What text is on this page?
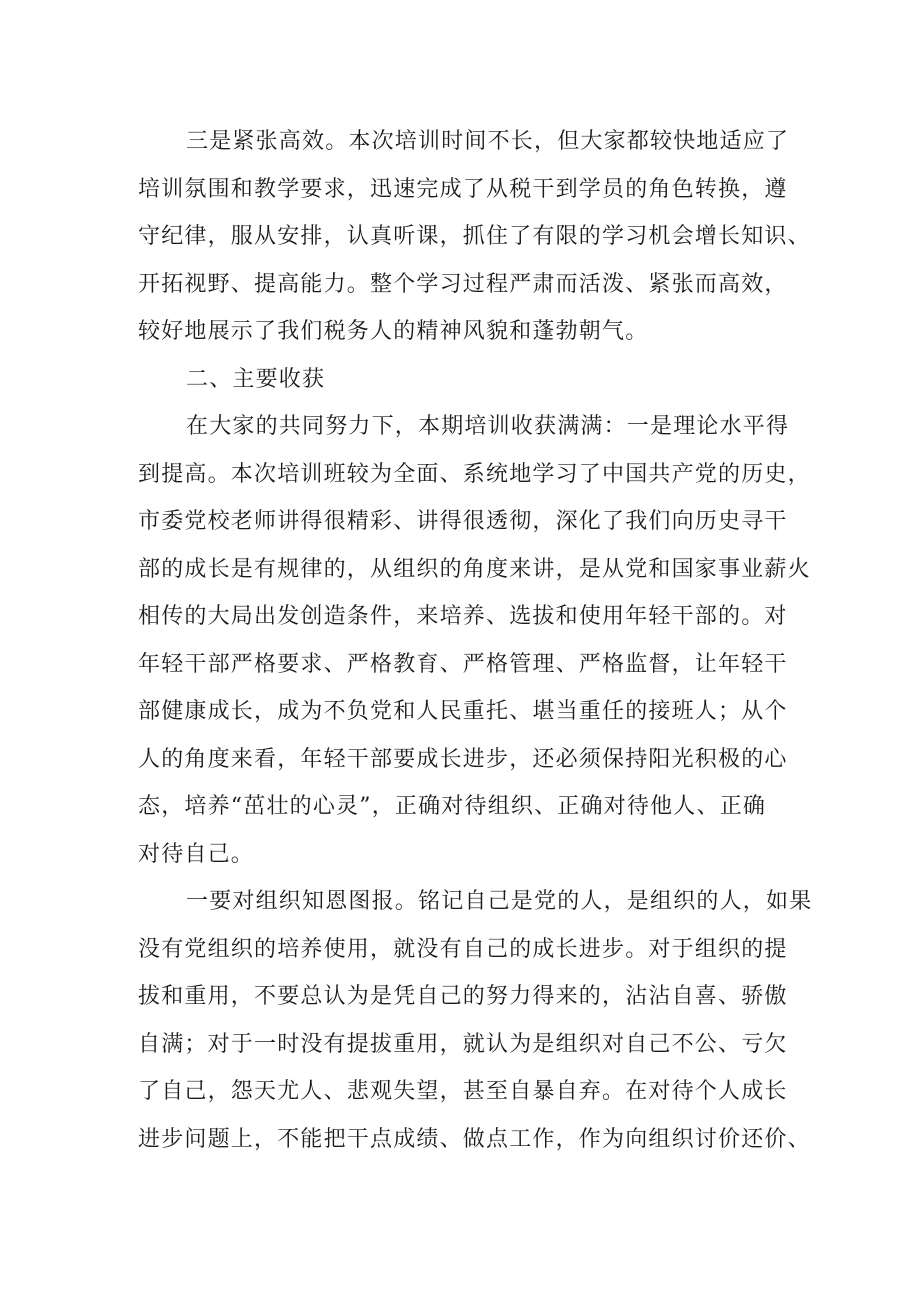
三是紧张高效。本次培训时间不长，但大家都较快地适应了
培训氛围和教学要求，迅速完成了从税干到学员的角色转换，遵
守纪律，服从安排，认真听课，抓住了有限的学习机会增长知识、
开拓视野、提高能力。整个学习过程严肃而活泼、紧张而高效，
较好地展示了我们税务人的精神风貌和蓬勃朝气。
二、主要收获
在大家的共同努力下，本期培训收获满满：一是理论水平得
到提高。本次培训班较为全面、系统地学习了中国共产党的历史，
市委党校老师讲得很精彩、讲得很透彻，深化了我们向历史寻干
部的成长是有规律的，从组织的角度来讲，是从党和国家事业薪火
相传的大局出发创造条件，来培养、选拔和使用年轻干部的。对
年轻干部严格要求、严格教育、严格管理、严格监督，让年轻干
部健康成长，成为不负党和人民重托、堪当重任的接班人；从个
人的角度来看，年轻干部要成长进步，还必须保持阳光积极的心
态，培养“茁壮的心灵”，正确对待组织、正确对待他人、正确
对待自己。
一要对组织知恩图报。铭记自己是党的人，是组织的人，如果
没有党组织的培养使用，就没有自己的成长进步。对于组织的提
拔和重用，不要总认为是凭自己的努力得来的，沾沾自喜、骄傲
自满；对于一时没有提拔重用，就认为是组织对自己不公、亏欠
了自己，怨天尤人、悲观失望，甚至自暴自弃。在对待个人成长
进步问题上，不能把干点成绩、做点工作，作为向组织讨价还价、
